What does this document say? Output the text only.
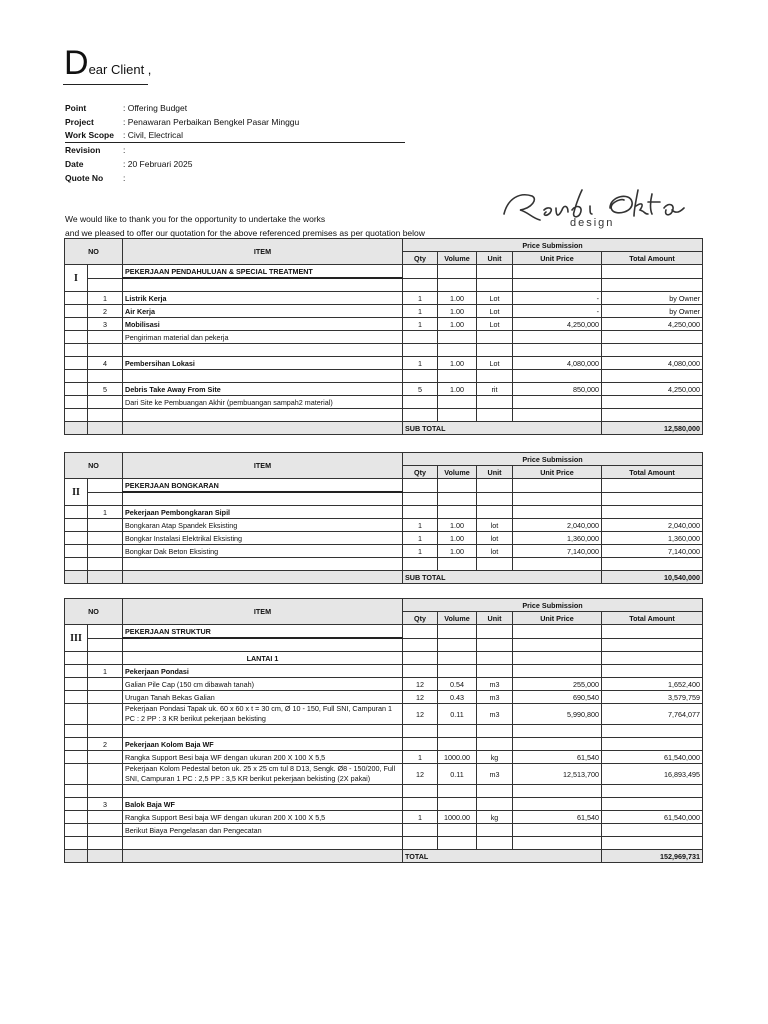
Dear Client ,
Point	: Offering Budget
Project	: Penawaran Perbaikan Bengkel Pasar Minggu
Work Scope	: Civil, Electrical
Revision	:
Date	: 20 Februari 2025
Quote No	:
We would like to thank you for the opportunity to undertake the works
and we pleased to offer our quotation for the above referenced premises as per quotation below
design
NO		ITEM	Price Submission				
			Qty	Volume	Unit	Unit Price	Total Amount
I		PEKERJAAN PENDAHULUAN & SPECIAL TREATMENT					

	1	Listrik Kerja	1	1.00	Lot	-	by Owner
	2	Air Kerja	1	1.00	Lot	-	by Owner
	3	Mobilisasi	1	1.00	Lot	4,250,000	4,250,000
		Pengiriman material dan pekerja					

	4	Pembersihan Lokasi	1	1.00	Lot	4,080,000	4,080,000

	5	Debris Take Away From Site	5	1.00	rit	850,000	4,250,000
		Dari Site ke Pembuangan Akhir (pembuangan sampah2 material)					

			SUB TOTAL				12,580,000
NO		ITEM	Price Submission				
			Qty	Volume	Unit	Unit Price	Total Amount
II		PEKERJAAN BONGKARAN					

	1	Pekerjaan Pembongkaran Sipil					
		Bongkaran Atap Spandek Eksisting	1	1.00	lot	2,040,000	2,040,000
		Bongkar Instalasi Elektrikal Eksisting	1	1.00	lot	1,360,000	1,360,000
		Bongkar Dak Beton Eksisting	1	1.00	lot	7,140,000	7,140,000

			SUB TOTAL				10,540,000
NO		ITEM	Price Submission				
			Qty	Volume	Unit	Unit Price	Total Amount
III		PEKERJAAN STRUKTUR					

		LANTAI 1					
	1	Pekerjaan Pondasi					
		Galian Pile Cap (150 cm dibawah tanah)	12	0.54	m3	255,000	1,652,400
		Urugan Tanah Bekas Galian	12	0.43	m3	690,540	3,579,759
		Pekerjaan Pondasi Tapak uk. 60 x 60 x t = 30 cm, Ø 10 - 150, Full SNI, Campuran 1 PC : 2 PP : 3 KR berikut pekerjaan bekisting	12	0.11	m3	5,990,800	7,764,077

	2	Pekerjaan Kolom Baja WF					
		Rangka Support Besi baja WF dengan ukuran 200 X 100 X 5,5	1	1000.00	kg	61,540	61,540,000
		Pekerjaan Kolom Pedestal beton uk. 25 x 25 cm tul 8 D13, Sengk. Ø8 - 150/200, Full SNI, Campuran 1 PC : 2,5 PP : 3,5 KR berikut pekerjaan bekisting (2X pakai)	12	0.11	m3	12,513,700	16,893,495

	3	Balok Baja WF					
		Rangka Support Besi baja WF dengan ukuran 200 X 100 X 5,5	1	1000.00	kg	61,540	61,540,000
		Berikut Biaya Pengelasan dan Pengecatan					

			TOTAL				152,969,731
